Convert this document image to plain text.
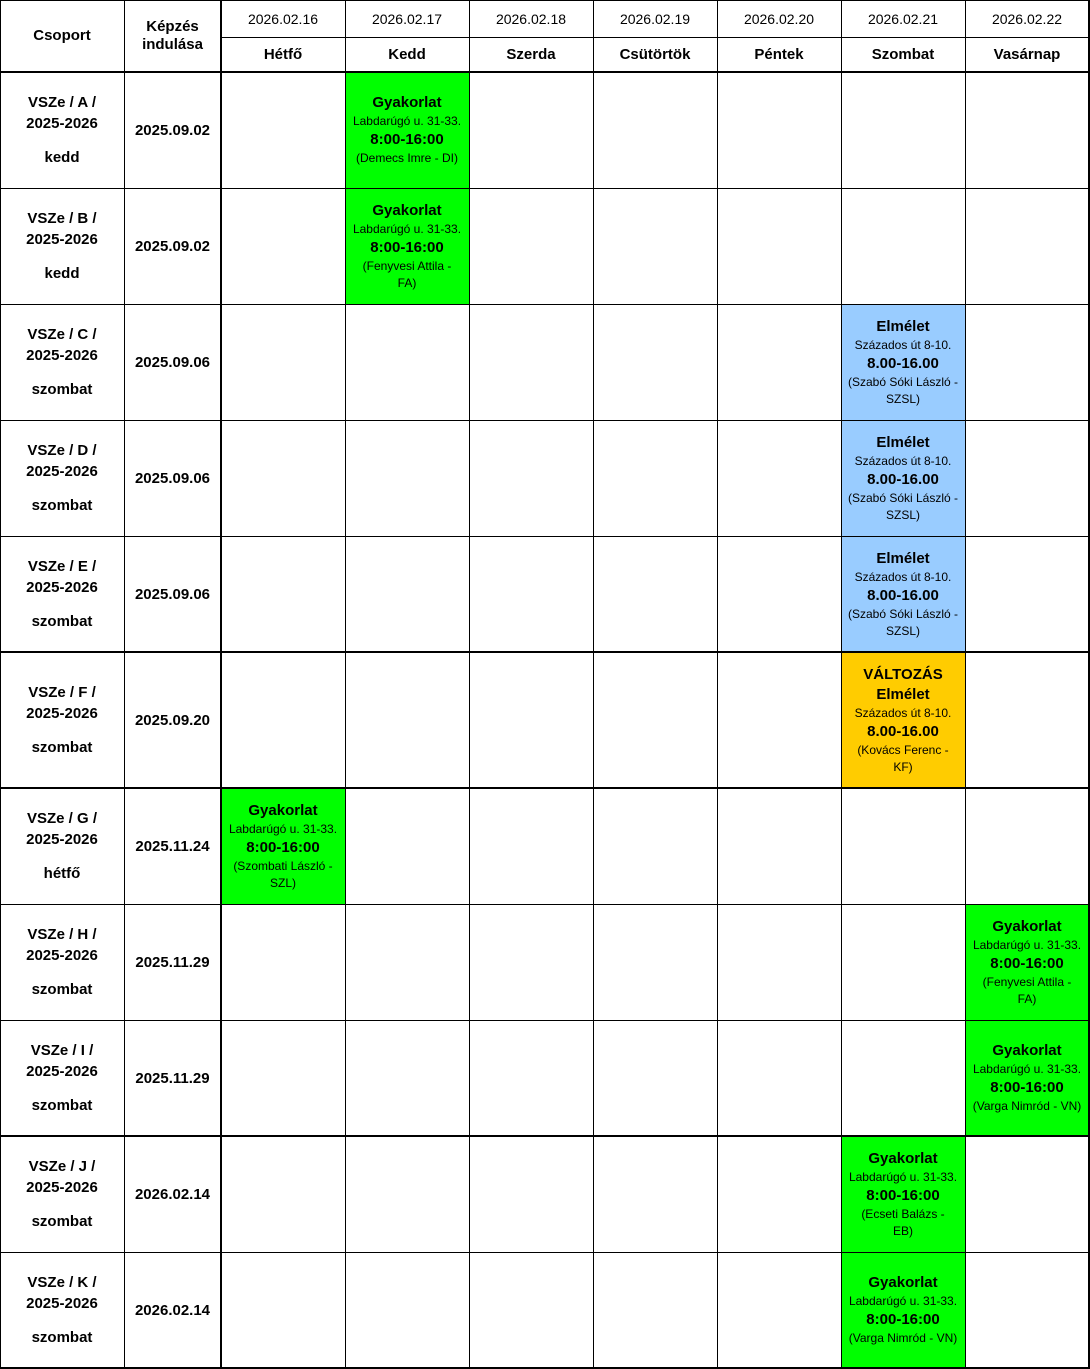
Csoport
Képzés
indulása
2026.02.16
Hétfő
2026.02.17
Kedd
2026.02.18
Szerda
2026.02.19
Csütörtök
2026.02.20
Péntek
2026.02.21
Szombat
2026.02.22
Vasárnap
Gyakorlat
Labdarúgó u. 31-33.
8:00-16:00
(Demecs Imre - DI)
Gyakorlat
Labdarúgó u. 31-33.
8:00-16:00
(Fenyvesi Attila -
FA)
Elmélet
Százados út 8-10.
8.00-16.00
(Szabó Sóki László -
SZSL)
Elmélet
Százados út 8-10.
8.00-16.00
(Szabó Sóki László -
SZSL)
Elmélet
Százados út 8-10.
8.00-16.00
(Szabó Sóki László -
SZSL)
VÁLTOZÁS
Elmélet
Százados út 8-10.
8.00-16.00
(Kovács Ferenc -
KF)
Gyakorlat
Labdarúgó u. 31-33.
8:00-16:00
(Szombati László -
SZL)
Gyakorlat
Labdarúgó u. 31-33.
8:00-16:00
(Fenyvesi Attila -
FA)
Gyakorlat
Labdarúgó u. 31-33.
8:00-16:00
(Varga Nimród - VN)
Gyakorlat
Labdarúgó u. 31-33.
8:00-16:00
(Ecseti Balázs -
EB)
Gyakorlat
Labdarúgó u. 31-33.
8:00-16:00
(Varga Nimród - VN)
VSZe / A /
2025-2026
kedd
2025.09.02
VSZe / B /
2025-2026
kedd
2025.09.02
VSZe / C /
2025-2026
szombat
2025.09.06
VSZe / D /
2025-2026
szombat
2025.09.06
VSZe / E /
2025-2026
szombat
2025.09.06
VSZe / F /
2025-2026
szombat
2025.09.20
VSZe / G /
2025-2026
hétfő
2025.11.24
VSZe / H /
2025-2026
szombat
2025.11.29
VSZe / I /
2025-2026
szombat
2025.11.29
VSZe / J /
2025-2026
szombat
2026.02.14
VSZe / K /
2025-2026
szombat
2026.02.14
